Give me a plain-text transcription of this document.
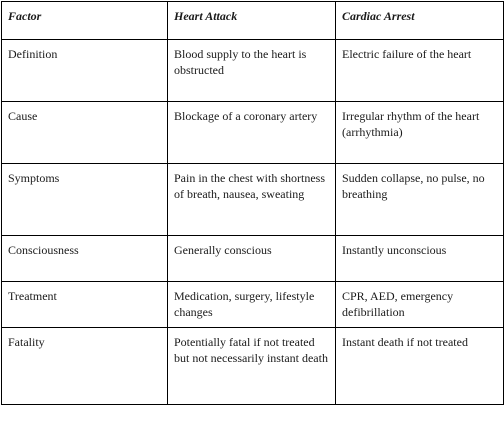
Factor	Heart Attack	Cardiac Arrest
Definition	Blood supply to the heart is obstructed	Electric failure of the heart
Cause	Blockage of a coronary artery	Irregular rhythm of the heart (arrhythmia)
Symptoms	Pain in the chest with shortness of breath, nausea, sweating	Sudden collapse, no pulse, no breathing
Consciousness	Generally conscious	Instantly unconscious
Treatment	Medication, surgery, lifestyle changes	CPR, AED, emergency defibrillation
Fatality	Potentially fatal if not treated but not necessarily instant death	Instant death if not treated
